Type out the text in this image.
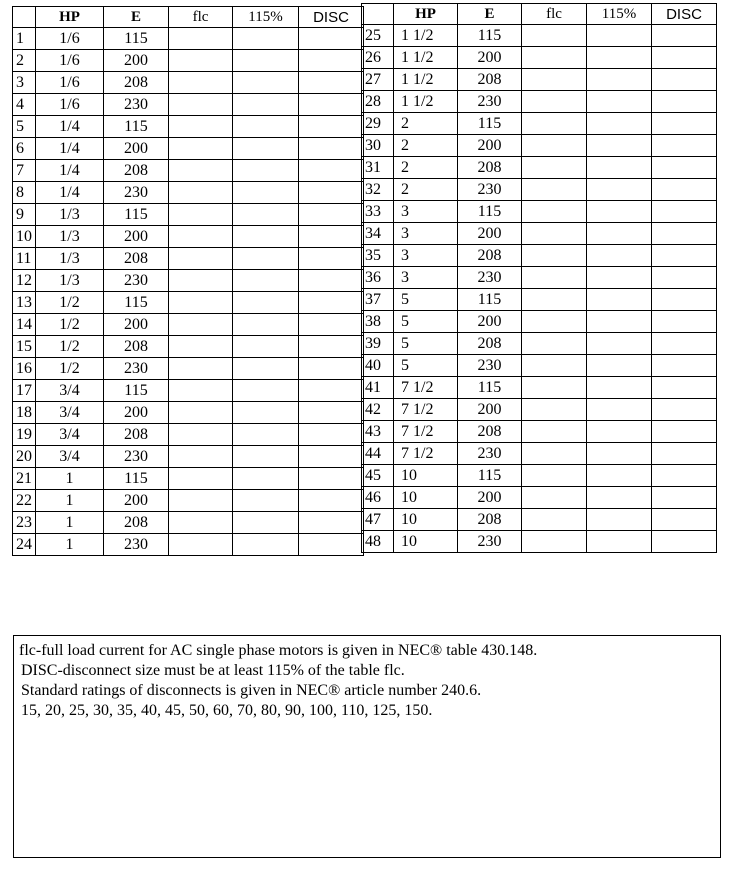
	HP	E	flc	115%	DISC
1	1/6	115			
2	1/6	200			
3	1/6	208			
4	1/6	230			
5	1/4	115			
6	1/4	200			
7	1/4	208			
8	1/4	230			
9	1/3	115			
10	1/3	200			
11	1/3	208			
12	1/3	230			
13	1/2	115			
14	1/2	200			
15	1/2	208			
16	1/2	230			
17	3/4	115			
18	3/4	200			
19	3/4	208			
20	3/4	230			
21	1	115			
22	1	200			
23	1	208			
24	1	230			
	HP	E	flc	115%	DISC
25	1 1/2	115			
26	1 1/2	200			
27	1 1/2	208			
28	1 1/2	230			
29	2	115			
30	2	200			
31	2	208			
32	2	230			
33	3	115			
34	3	200			
35	3	208			
36	3	230			
37	5	115			
38	5	200			
39	5	208			
40	5	230			
41	7 1/2	115			
42	7 1/2	200			
43	7 1/2	208			
44	7 1/2	230			
45	10	115			
46	10	200			
47	10	208			
48	10	230			

flc-full load current for AC single phase motors is given in NEC® table 430.148.

DISC-disconnect size must be at least 115% of the table flc.

Standard ratings of disconnects is given in NEC® article number 240.6.

15, 20, 25, 30, 35, 40, 45, 50, 60, 70, 80, 90, 100, 110, 125, 150.
